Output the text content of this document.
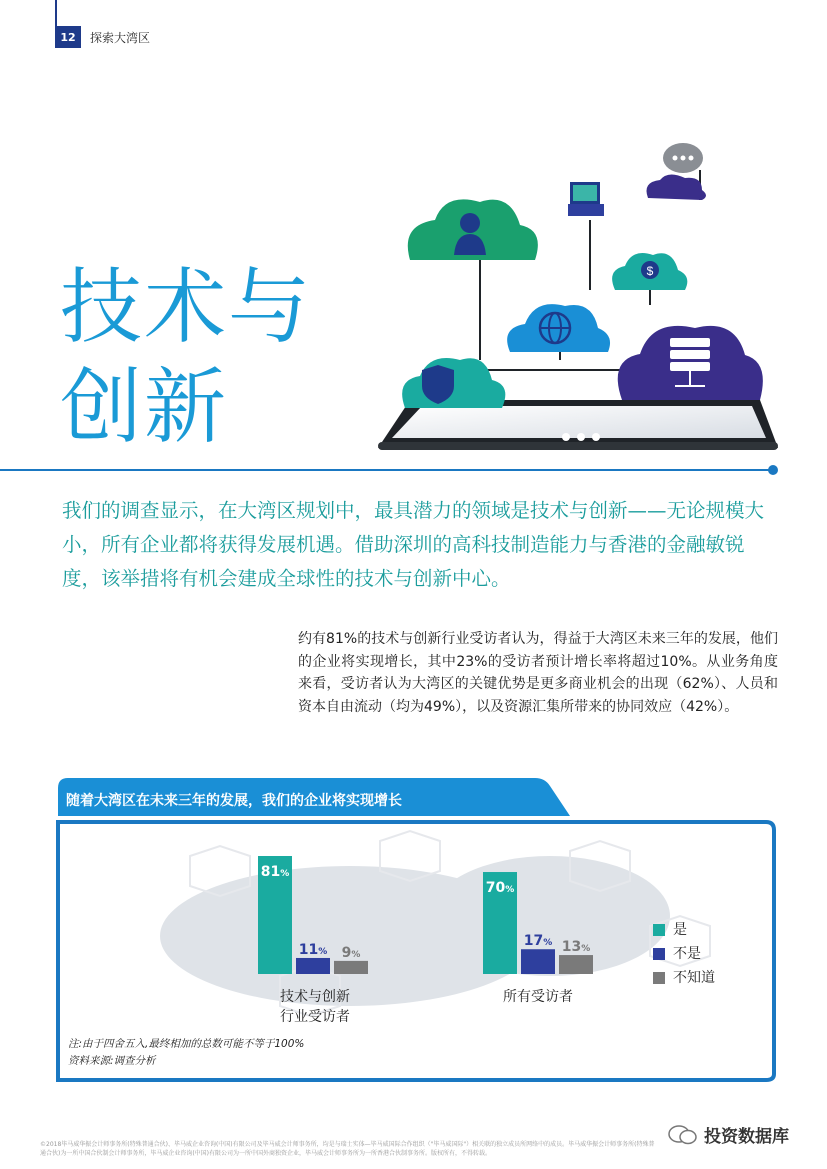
12	探索大湾区
技术与
创新
$
我们的调查显示，在大湾区规划中，最具潜力的领域是技术与创新——无论规模大小，所有企业都将获得发展机遇。借助深圳的高科技制造能力与香港的金融敏锐度，该举措将有机会建成全球性的技术与创新中心。
约有81%的技术与创新行业受访者认为，得益于大湾区未来三年的发展，他们的企业将实现增长，其中23%的受访者预计增长率将超过10%。从业务角度来看，受访者认为大湾区的关键优势是更多商业机会的出现（62%）、人员和资本自由流动（均为49%），以及资源汇集所带来的协同效应（42%）。
随着大湾区在未来三年的发展，我们的企业将实现增长
81%
11% 9%
70%
17% 13%
技术与创新
行业受访者
所有受访者
是
不是
不知道
注:由于四舍五入,最终相加的总数可能不等于100%
资料来源:调查分析
©2018毕马威华振会计师事务所(特殊普通合伙)、毕马威企业咨询(中国)有限公司及毕马威会计师事务所，均是与瑞士实体—毕马威国际合作组织（"毕马威国际"）相关联的独立成员所网络中的成员。毕马威华振会计师事务所(特殊普通合伙)为一所中国合伙制会计师事务所，毕马威企业咨询(中国)有限公司为一所中国外商独资企业，毕马威会计师事务所为一所香港合伙制事务所。版权所有，不得转载。
投资数据库
